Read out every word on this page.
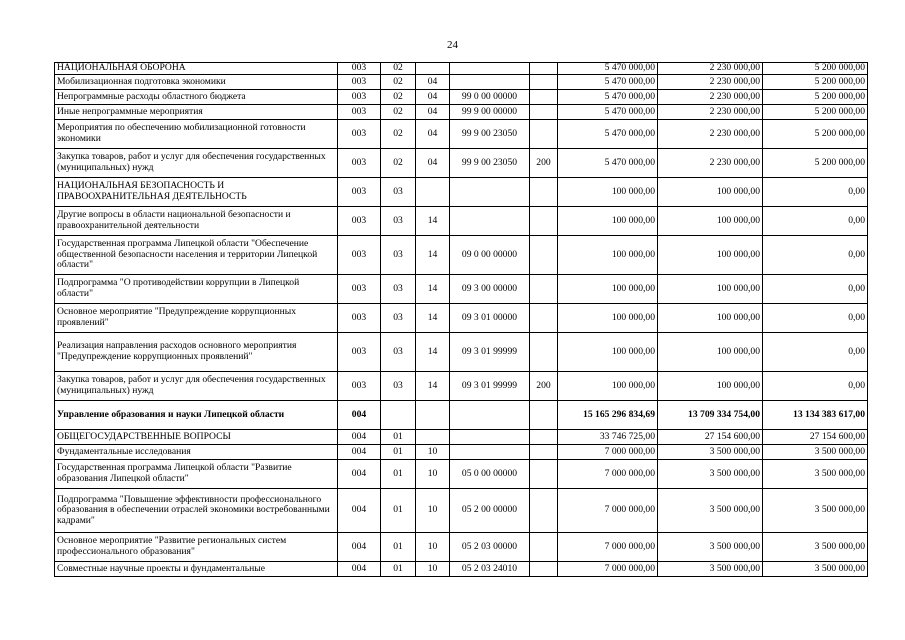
24
НАЦИОНАЛЬНАЯ ОБОРОНА	003	02				5 470 000,00	2 230 000,00	5 200 000,00
Мобилизационная подготовка экономики	003	02	04			5 470 000,00	2 230 000,00	5 200 000,00
Непрограммные расходы областного бюджета	003	02	04	99 0 00 00000		5 470 000,00	2 230 000,00	5 200 000,00
Иные непрограммные мероприятия	003	02	04	99 9 00 00000		5 470 000,00	2 230 000,00	5 200 000,00
Мероприятия по обеспечению мобилизационной готовности экономики	003	02	04	99 9 00 23050		5 470 000,00	2 230 000,00	5 200 000,00
Закупка товаров, работ и услуг для обеспечения государственных (муниципальных) нужд	003	02	04	99 9 00 23050	200	5 470 000,00	2 230 000,00	5 200 000,00
НАЦИОНАЛЬНАЯ БЕЗОПАСНОСТЬ И ПРАВООХРАНИТЕЛЬНАЯ ДЕЯТЕЛЬНОСТЬ	003	03				100 000,00	100 000,00	0,00
Другие вопросы в области национальной безопасности и правоохранительной деятельности	003	03	14			100 000,00	100 000,00	0,00
Государственная программа Липецкой области "Обеспечение общественной безопасности населения и территории Липецкой области"	003	03	14	09 0 00 00000		100 000,00	100 000,00	0,00
Подпрограмма "О противодействии коррупции в Липецкой области"	003	03	14	09 3 00 00000		100 000,00	100 000,00	0,00
Основное мероприятие "Предупреждение коррупционных проявлений"	003	03	14	09 3 01 00000		100 000,00	100 000,00	0,00
Реализация направления расходов основного мероприятия "Предупреждение коррупционных проявлений"	003	03	14	09 3 01 99999		100 000,00	100 000,00	0,00
Закупка товаров, работ и услуг для обеспечения государственных (муниципальных) нужд	003	03	14	09 3 01 99999	200	100 000,00	100 000,00	0,00
Управление образования и науки Липецкой области	004					15 165 296 834,69	13 709 334 754,00	13 134 383 617,00
ОБЩЕГОСУДАРСТВЕННЫЕ ВОПРОСЫ	004	01				33 746 725,00	27 154 600,00	27 154 600,00
Фундаментальные исследования	004	01	10			7 000 000,00	3 500 000,00	3 500 000,00
Государственная программа Липецкой области "Развитие образования Липецкой области"	004	01	10	05 0 00 00000		7 000 000,00	3 500 000,00	3 500 000,00
Подпрограмма "Повышение эффективности профессионального образования в обеспечении отраслей экономики востребованными кадрами"	004	01	10	05 2 00 00000		7 000 000,00	3 500 000,00	3 500 000,00
Основное мероприятие "Развитие региональных систем профессионального образования"	004	01	10	05 2 03 00000		7 000 000,00	3 500 000,00	3 500 000,00
Совместные научные проекты и фундаментальные	004	01	10	05 2 03 24010		7 000 000,00	3 500 000,00	3 500 000,00
